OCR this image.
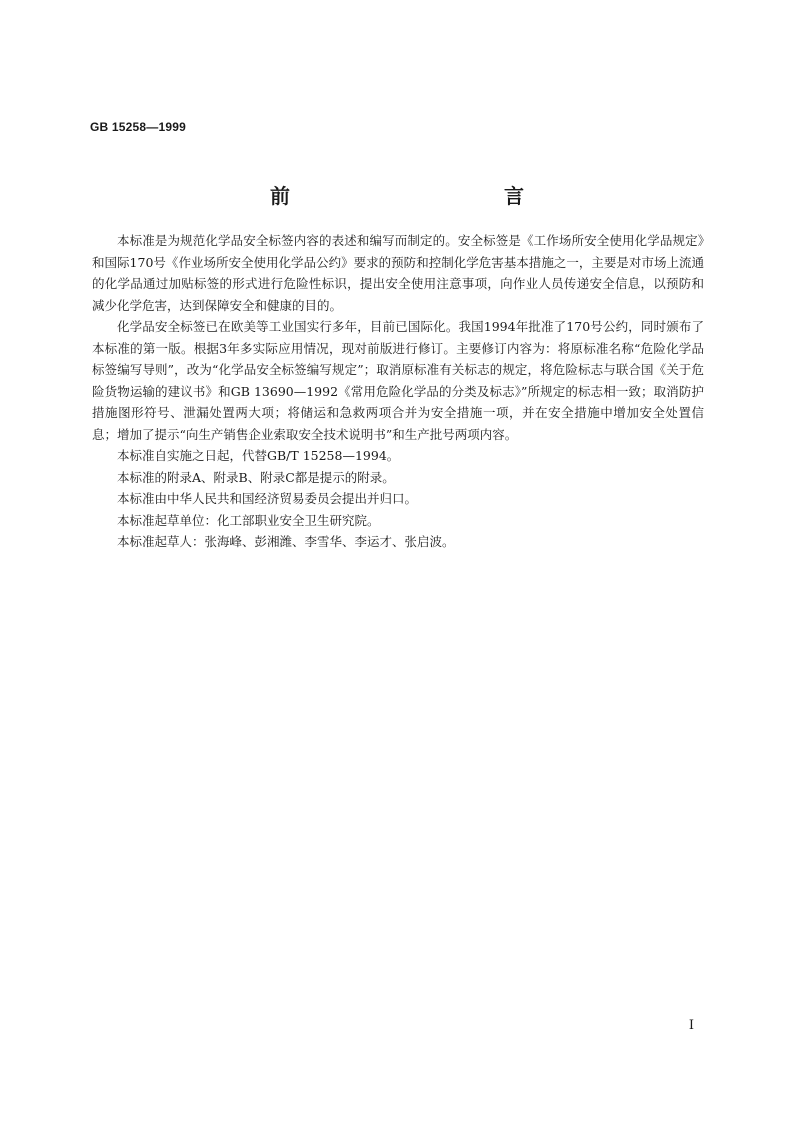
GB 15258—1999
前　　言

本标准是为规范化学品安全标签内容的表述和编写而制定的。安全标签是《工作场所安全使用化学品规定》和国际170号《作业场所安全使用化学品公约》要求的预防和控制化学危害基本措施之一，主要是对市场上流通的化学品通过加贴标签的形式进行危险性标识，提出安全使用注意事项，向作业人员传递安全信息，以预防和减少化学危害，达到保障安全和健康的目的。

化学品安全标签已在欧美等工业国实行多年，目前已国际化。我国1994年批准了170号公约，同时颁布了本标准的第一版。根据3年多实际应用情况，现对前版进行修订。主要修订内容为：将原标准名称“危险化学品标签编写导则”，改为“化学品安全标签编写规定”；取消原标准有关标志的规定，将危险标志与联合国《关于危险货物运输的建议书》和GB 13690—1992《常用危险化学品的分类及标志》”所规定的标志相一致；取消防护措施图形符号、泄漏处置两大项；将储运和急救两项合并为安全措施一项，并在安全措施中增加安全处置信息；增加了提示“向生产销售企业索取安全技术说明书”和生产批号两项内容。

本标准自实施之日起，代替GB/T 15258—1994。

本标准的附录A、附录B、附录C都是提示的附录。

本标准由中华人民共和国经济贸易委员会提出并归口。

本标准起草单位：化工部职业安全卫生研究院。

本标准起草人：张海峰、彭湘潍、李雪华、李运才、张启波。

I
